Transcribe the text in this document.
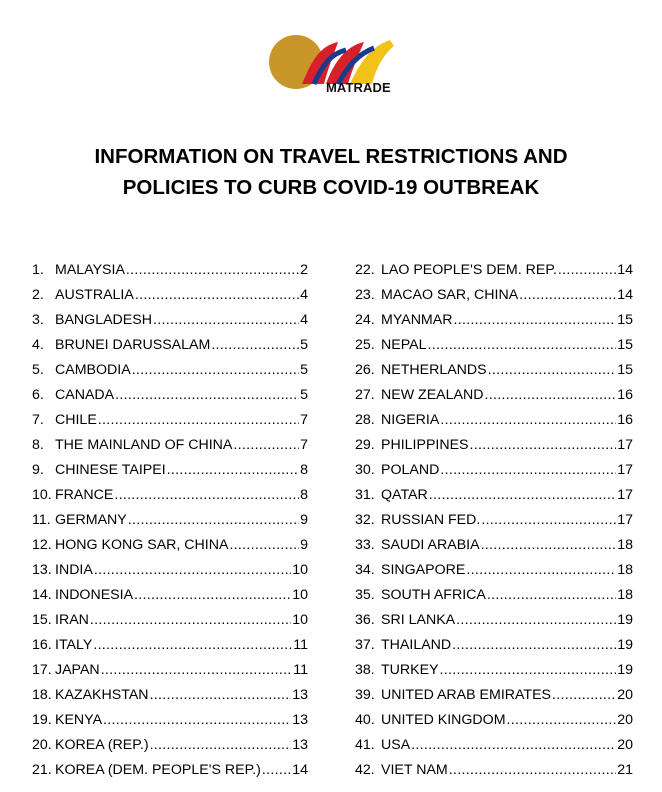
MATRADE
INFORMATION ON TRAVEL RESTRICTIONS AND
POLICIES TO CURB COVID-19 OUTBREAK
1. MALAYSIA .....	2
2. AUSTRALIA .....	4
3. BANGLADESH .....	4
4. BRUNEI DARUSSALAM .....	5
5. CAMBODIA .....	5
6. CANADA .....	5
7. CHILE .....	7
8. THE MAINLAND OF CHINA .....	7
9. CHINESE TAIPEI .....	8
10. FRANCE .....	8
11. GERMANY .....	9
12. HONG KONG SAR, CHINA .....	9
13. INDIA .....	10
14. INDONESIA .....	10
15. IRAN .....	10
16. ITALY .....	11
17. JAPAN .....	11
18. KAZAKHSTAN .....	13
19. KENYA .....	13
20. KOREA (REP.) .....	13
21. KOREA (DEM. PEOPLE'S REP.) ..... 14
22. LAO PEOPLE'S DEM. REP. .....	14
23. MACAO SAR, CHINA .....	14
24. MYANMAR .....	15
25. NEPAL .....	15
26. NETHERLANDS .....	15
27. NEW ZEALAND .....	16
28. NIGERIA .....	16
29. PHILIPPINES .....	17
30. POLAND .....	17
31. QATAR .....	17
32. RUSSIAN FED. .....	17
33. SAUDI ARABIA .....	18
34. SINGAPORE .....	18
35. SOUTH AFRICA .....	18
36. SRI LANKA .....	19
37. THAILAND .....	19
38. TURKEY .....	19
39. UNITED ARAB EMIRATES .....	20
40. UNITED KINGDOM .....	20
41. USA .....	20
42. VIET NAM .....	21
